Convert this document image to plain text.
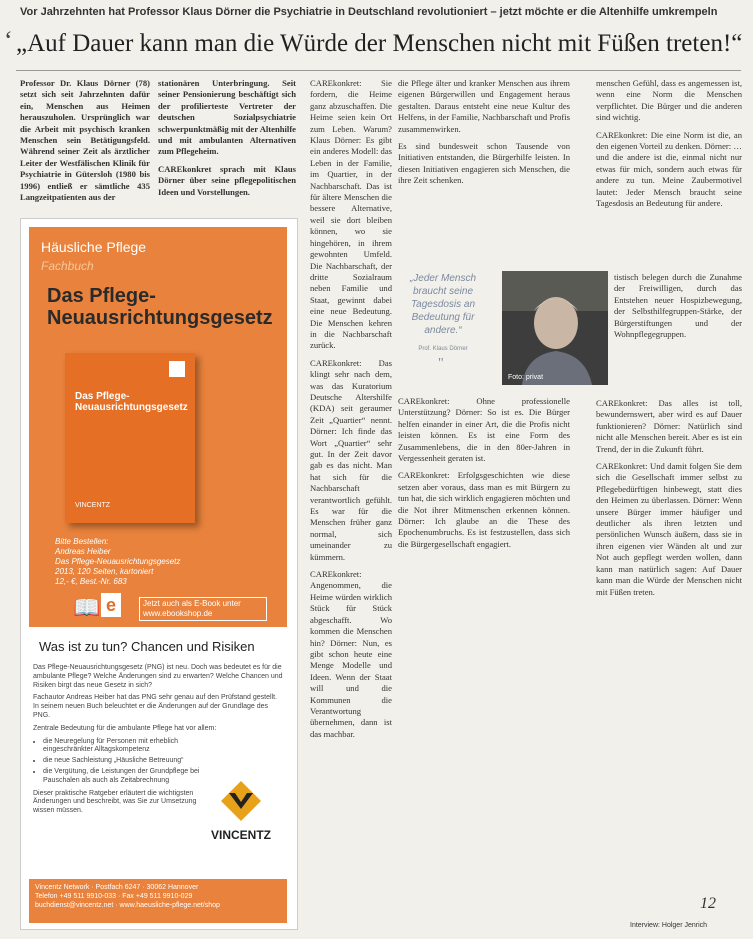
Vor Jahrzehnten hat Professor Klaus Dörner die Psychiatrie in Deutschland revolutioniert – jetzt möchte er die Altenhilfe umkrempeln
ʻ „Auf Dauer kann man die Würde der Menschen nicht mit Füßen treten!“

Professor Dr. Klaus Dörner (78) setzt sich seit Jahrzehnten dafür ein, Menschen aus Heimen herauszuholen. Ursprünglich war die Arbeit mit psychisch kranken Menschen sein Betätigungsfeld. Während seiner Zeit als ärztlicher Leiter der Westfälischen Klinik für Psychiatrie in Gütersloh (1980 bis 1996) entließ er sämtliche 435 Langzeitpatienten aus der

stationären Unterbringung. Seit seiner Pensionierung beschäftigt sich der profilierteste Vertreter der deutschen Sozialpsychiatrie schwerpunktmäßig mit der Altenhilfe und mit ambulanten Alternativen zum Pflegeheim.

CAREkonkret sprach mit Klaus Dörner über seine pflegepolitischen Ideen und Vorstellungen.

Häusliche Pflege
Fachbuch
Das Pflege-
Neuausrichtungsgesetz
Das Pflege-Neuausrichtungsgesetz
VINCENTZ
Bitte Bestellen:
Andreas Heiber
Das Pflege-Neuausrichtungsgesetz
2013, 120 Seiten, kartoniert
12,- €, Best.-Nr. 683
📖 e	Jetzt auch als E-Book unter www.ebookshop.de
Was ist zu tun? Chancen und Risiken

Das Pflege-Neuausrichtungsgesetz (PNG) ist neu. Doch was bedeutet es für die ambulante Pflege? Welche Änderungen sind zu erwarten? Welche Chancen und Risiken birgt das neue Gesetz in sich?

Fachautor Andreas Heiber hat das PNG sehr genau auf den Prüfstand gestellt. In seinem neuen Buch beleuchtet er die Änderungen auf der Grundlage des PNG.

Zentrale Bedeutung für die ambulante Pflege hat vor allem:

• die Neuregelung für Personen mit erheblich eingeschränkter Alltagskompetenz
• die neue Sachleistung „Häusliche Betreuung“
• die Vergütung, die Leistungen der Grundpflege bei Pauschalen als auch als Zeitabrechnung

Dieser praktische Ratgeber erläutert die wichtigsten Änderungen und beschreibt, was Sie zur Umsetzung wissen müssen.

VINCENTZ
Vincentz Network · Postfach 6247 · 30062 Hannover
Telefon +49 511 9910-033 · Fax +49 511 9910-029
buchdienst@vincentz.net · www.haeusliche-pflege.net/shop

CAREkonkret: Sie fordern, die Heime ganz abzuschaffen. Die Heime seien kein Ort zum Leben. Warum? Klaus Dörner: Es gibt ein anderes Modell: das Leben in der Familie, im Quartier, in der Nachbarschaft. Das ist für ältere Menschen die bessere Alternative, weil sie dort bleiben können, wo sie hingehören, in ihrem gewohnten Umfeld. Die Nachbarschaft, der dritte Sozialraum neben Familie und Staat, gewinnt dabei eine neue Bedeutung. Die Menschen kehren in die Nachbarschaft zurück.

CAREkonkret: Das klingt sehr nach dem, was das Kuratorium Deutsche Altershilfe (KDA) seit geraumer Zeit „Quartier“ nennt. Dörner: Ich finde das Wort „Quartier“ sehr gut. In der Zeit davor gab es das nicht. Man hat sich für die Nachbarschaft verantwortlich gefühlt. Es war für die Menschen früher ganz normal, sich umeinander zu kümmern.

CAREkonkret: Angenommen, die Heime würden wirklich Stück für Stück abgeschafft. Wo kommen die Menschen hin? Dörner: Nun, es gibt schon heute eine Menge Modelle und Ideen. Wenn der Staat will und die Kommunen die Verantwortung übernehmen, dann ist das machbar.

die Pflege älter und kranker Menschen aus ihrem eigenen Bürgerwillen und Engagement heraus gestalten. Daraus entsteht eine neue Kultur des Helfens, in der Familie, Nachbarschaft und Profis zusammenwirken.

Es sind bundesweit schon Tausende von Initiativen entstanden, die Bürgerhilfe leisten. In diesen Initiativen engagieren sich Menschen, die ihre Zeit schenken.

CAREkonkret: Ohne professionelle Unterstützung? Dörner: So ist es. Die Bürger helfen einander in einer Art, die die Profis nicht leisten können. Es ist eine Form des Zusammenlebens, die in den 80er-Jahren in Vergessenheit geraten ist.

CAREkonkret: Erfolgsgeschichten wie diese setzen aber voraus, dass man es mit Bürgern zu tun hat, die sich wirklich engagieren möchten und die Not ihrer Mitmenschen erkennen können. Dörner: Ich glaube an die These des Epochenumbruchs. Es ist festzustellen, dass sich die Bürgergesellschaft engagiert.

„Jeder Mensch braucht seine Tagesdosis an Bedeutung für andere.“
Prof. Klaus Dörner
"
Foto: privat

menschen Gefühl, dass es angemessen ist, wenn eine Norm die Menschen verpflichtet. Die Bürger und die anderen sind wichtig.

CAREkonkret: Die eine Norm ist die, an den eigenen Vorteil zu denken. Dörner: … und die andere ist die, einmal nicht nur etwas für mich, sondern auch etwas für andere zu tun. Meine Zaubermotivel lautet: Jeder Mensch braucht seine Tagesdosis an Bedeutung für andere.

tistisch belegen durch die Zunahme der Freiwilligen, durch das Entstehen neuer Hospizbewegung, der Selbsthilfegruppen-Stärke, der Bürgerstiftungen und der Wohnpflegegruppen.

CAREkonkret: Das alles ist toll, bewundernswert, aber wird es auf Dauer funktionieren? Dörner: Natürlich sind nicht alle Menschen bereit. Aber es ist ein Trend, der in die Zukunft führt.

CAREkonkret: Und damit folgen Sie dem sich die Gesellschaft immer selbst zu Pflegebedürftigen hinbewegt, statt dies den Heimen zu überlassen. Dörner: Wenn unsere Bürger immer häufiger und deutlicher als ihren letzten und persönlichen Wunsch äußern, dass sie in ihren eigenen vier Wänden alt und zur Not auch gepflegt werden wollen, dann kann man natürlich sagen: Auf Dauer kann man die Würde der Menschen nicht mit Füßen treten.

12
Interview: Holger Jenrich
